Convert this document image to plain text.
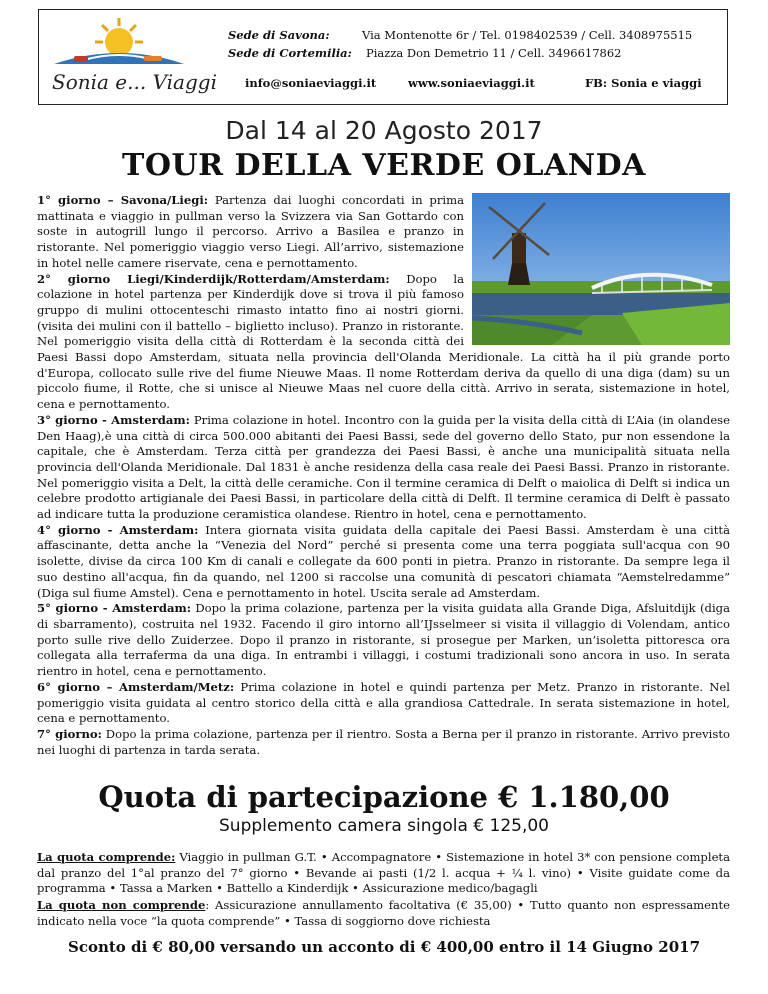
Sonia e... Viaggi
Sede di Savona:	Via Montenotte 6r / Tel. 0198402539 / Cell. 3408975515
Sede di Cortemilia: Piazza Don Demetrio 11 / Cell. 3496617862
info@soniaeviaggi.it	www.soniaeviaggi.it	FB: Sonia e viaggi
Dal 14 al 20 Agosto 2017
TOUR DELLA VERDE OLANDA

1° giorno – Savona/Liegi: Partenza dai luoghi concordati in prima mattinata e viaggio in pullman verso la Svizzera via San Gottardo con soste in autogrill lungo il percorso. Arrivo a Basilea e pranzo in ristorante. Nel pomeriggio viaggio verso Liegi. All’arrivo, sistemazione in hotel nelle camere riservate, cena e pernottamento.

2° giorno Liegi/Kinderdijk/Rotterdam/Amsterdam: Dopo la colazione in hotel partenza per Kinderdijk dove si trova il più famoso gruppo di mulini ottocenteschi rimasto intatto fino ai nostri giorni. (visita dei mulini con il battello – biglietto incluso). Pranzo in ristorante. Nel pomeriggio visita della città di Rotterdam è la seconda città dei Paesi Bassi dopo Amsterdam, situata nella provincia dell'Olanda Meridionale. La città ha il più grande porto d'Europa, collocato sulle rive del fiume Nieuwe Maas. Il nome Rotterdam deriva da quello di una diga (dam) su un piccolo fiume, il Rotte, che si unisce al Nieuwe Maas nel cuore della città. Arrivo in serata, sistemazione in hotel, cena e pernottamento.

3° giorno - Amsterdam: Prima colazione in hotel. Incontro con la guida per la visita della città di L’Aia (in olandese Den Haag),è una città di circa 500.000 abitanti dei Paesi Bassi, sede del governo dello Stato, pur non essendone la capitale, che è Amsterdam. Terza città per grandezza dei Paesi Bassi, è anche una municipalità situata nella provincia dell'Olanda Meridionale. Dal 1831 è anche residenza della casa reale dei Paesi Bassi. Pranzo in ristorante. Nel pomeriggio visita a Delt, la città delle ceramiche. Con il termine ceramica di Delft o maiolica di Delft si indica un celebre prodotto artigianale dei Paesi Bassi, in particolare della città di Delft. Il termine ceramica di Delft è passato ad indicare tutta la produzione ceramistica olandese. Rientro in hotel, cena e pernottamento.

4° giorno - Amsterdam: Intera giornata visita guidata della capitale dei Paesi Bassi. Amsterdam è una città affascinante, detta anche la “Venezia del Nord” perché si presenta come una terra poggiata sull'acqua con 90 isolette, divise da circa 100 Km di canali e collegate da 600 ponti in pietra. Pranzo in ristorante. Da sempre lega il suo destino all'acqua, fin da quando, nel 1200 si raccolse una comunità di pescatori chiamata “Aemstelredamme” (Diga sul fiume Amstel). Cena e pernottamento in hotel. Uscita serale ad Amsterdam.

5° giorno - Amsterdam: Dopo la prima colazione, partenza per la visita guidata alla Grande Diga, Afsluitdijk (diga di sbarramento), costruita nel 1932. Facendo il giro intorno all’IJsselmeer si visita il villaggio di Volendam, antico porto sulle rive dello Zuiderzee. Dopo il pranzo in ristorante, si prosegue per Marken, un’isoletta pittoresca ora collegata alla terraferma da una diga. In entrambi i villaggi, i costumi tradizionali sono ancora in uso. In serata rientro in hotel, cena e pernottamento.

6° giorno – Amsterdam/Metz: Prima colazione in hotel e quindi partenza per Metz. Pranzo in ristorante. Nel pomeriggio visita guidata al centro storico della città e alla grandiosa Cattedrale. In serata sistemazione in hotel, cena e pernottamento.

7° giorno: Dopo la prima colazione, partenza per il rientro. Sosta a Berna per il pranzo in ristorante. Arrivo previsto nei luoghi di partenza in tarda serata.

Quota di partecipazione € 1.180,00
Supplemento camera singola € 125,00
La quota comprende: Viaggio in pullman G.T. • Accompagnatore • Sistemazione in hotel 3* con pensione completa dal pranzo del 1°al pranzo del 7° giorno • Bevande ai pasti (1/2 l. acqua + ¼ l. vino) • Visite guidate come da programma • Tassa a Marken • Battello a Kinderdijk • Assicurazione medico/bagagli
La quota non comprende: Assicurazione annullamento facoltativa (€ 35,00) • Tutto quanto non espressamente indicato nella voce “la quota comprende” • Tassa di soggiorno dove richiesta
Sconto di € 80,00 versando un acconto di € 400,00 entro il 14 Giugno 2017
